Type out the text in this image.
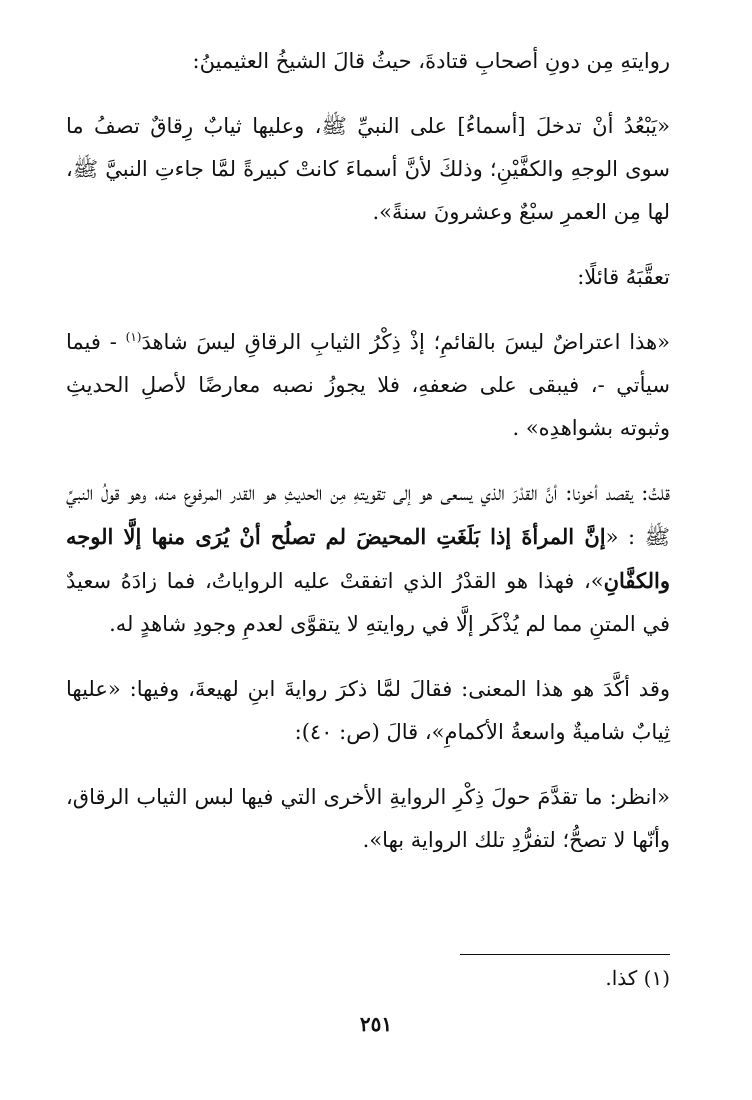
روايتهِ مِن دونِ أصحابِ قتادةَ، حيثُ قالَ الشيخُ العثيمينُ:

«يَبْعُدُ أنْ تدخلَ [أسماءُ] على النبيِّ ﷺ، وعليها ثيابٌ رِقاقٌ تصفُ ما سوى الوجهِ والكفَّيْنِ؛ وذلكَ لأنَّ أسماءَ كانتْ كبيرةً لمَّا جاءتِ النبيَّ ﷺ، لها مِن العمرِ سبْعٌ وعشرونَ سنةً».

تعقَّبَهُ قائلًا:

«هذا اعتراضٌ ليسَ بالقائمِ؛ إذْ ذِكْرُ الثيابِ الرقاقِ ليسَ شاهدَ$^{(١)}$ - فيما سيأتي -، فيبقى على ضعفهِ، فلا يجوزُ نصبه معارضًا لأصلِ الحديثِ وثبوته بشواهدِه» .

قلتُ: يقصد أخونا: أنَّ القدْرَ الذي يسعى هو إلى تقويتهِ مِن الحديثِ هو القدر المرفوع منه، وهو قولُ النبيِّ ﷺ : «إنَّ المرأةَ إذا بَلَغَتِ المحيضَ لم تصلُح أنْ يُرَى منها إلَّا الوجه والكفَّانِ»، فهذا هو القدْرُ الذي اتفقتْ عليه الرواياتُ، فما زادَهُ سعيدٌ في المتنِ مما لم يُذْكَر إلَّا في روايتهِ لا يتقوَّى لعدمِ وجودِ شاهدٍ له.

وقد أكَّدَ هو هذا المعنى: فقالَ لمَّا ذكرَ روايةَ ابنِ لهيعةَ، وفيها: «عليها ثِيابٌ شاميةٌ واسعةُ الأكمامِ»، قالَ (ص: ٤٠):

«انظر: ما تقدَّمَ حولَ ذِكْرِ الروايةِ الأخرى التي فيها لبس الثياب الرقاق، وأنّها لا تصحُّ؛ لتفرُّدِ تلك الرواية بها».

(١) كذا.
٢٥١
